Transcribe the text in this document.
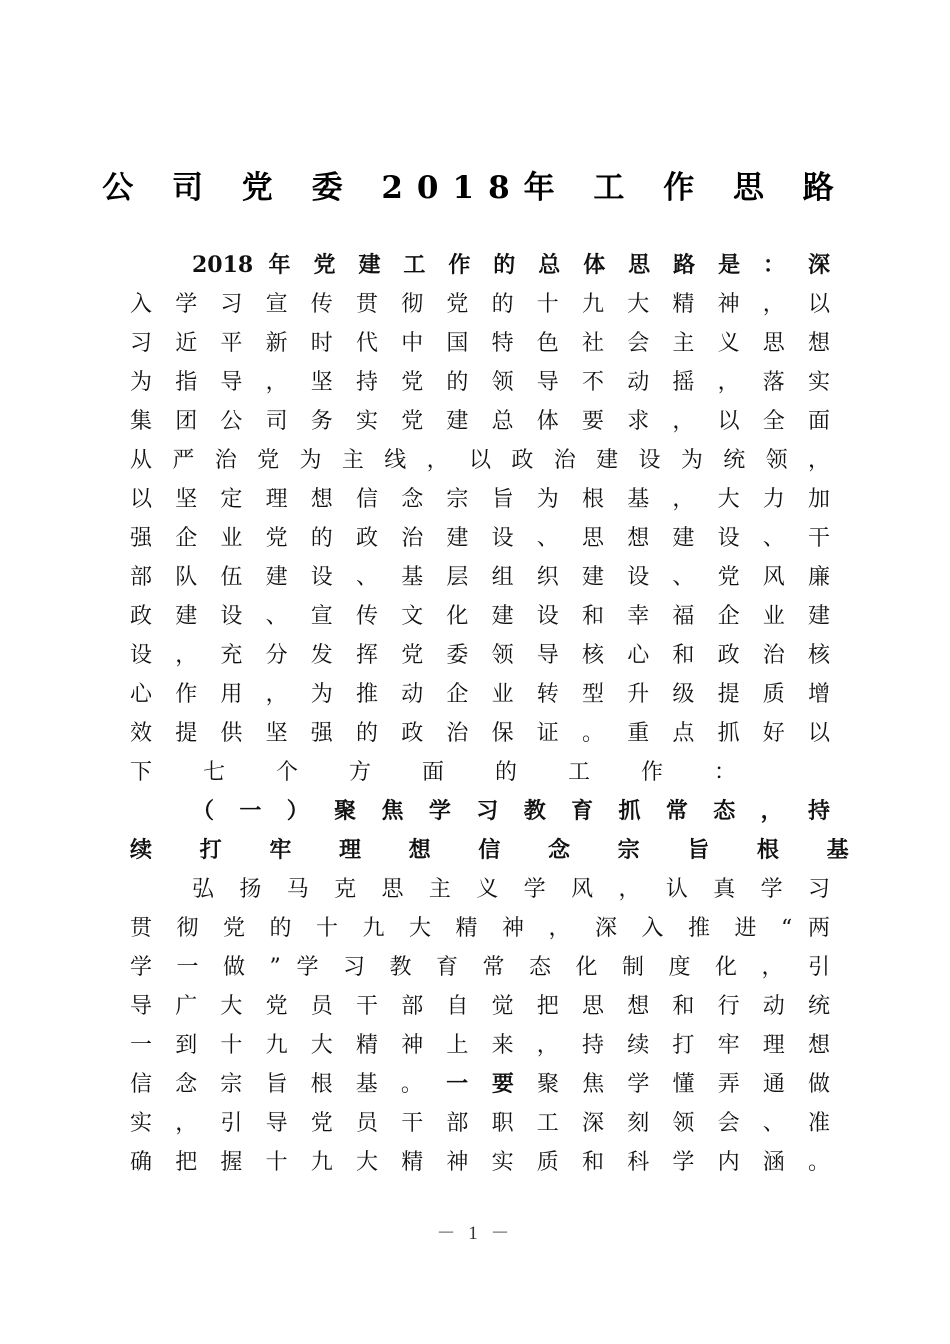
公 司 党 委 2018年 工 作 思 路
2018 年 党 建 工 作 的 总 体 思 路 是 ： 深
入 学 习 宣 传 贯 彻 党 的 十 九 大 精 神 ， 以
习 近 平 新 时 代 中 国 特 色 社 会 主 义 思 想
为 指 导 ， 坚 持 党 的 领 导 不 动 摇 ， 落 实
集 团 公 司 务 实 党 建 总 体 要 求 ， 以 全 面
从 严 治 党 为 主 线 ， 以 政 治 建 设 为 统 领 ，
以 坚 定 理 想 信 念 宗 旨 为 根 基 ， 大 力 加
强 企 业 党 的 政 治 建 设 、 思 想 建 设 、 干
部 队 伍 建 设 、 基 层 组 织 建 设 、 党 风 廉
政 建 设 、 宣 传 文 化 建 设 和 幸 福 企 业 建
设 ， 充 分 发 挥 党 委 领 导 核 心 和 政 治 核
心 作 用 ， 为 推 动 企 业 转 型 升 级 提 质 增
效 提 供 坚 强 的 政 治 保 证 。 重 点 抓 好 以
下 七 个 方 面 的 工 作 ：
（ 一 ） 聚 焦 学 习 教 育 抓 常 态 ， 持
续 打 牢 理 想 信 念 宗 旨 根 基
弘 扬 马 克 思 主 义 学 风 ， 认 真 学 习
贯 彻 党 的 十 九 大 精 神 ， 深 入 推 进 “ 两
学 一 做 ” 学 习 教 育 常 态 化 制 度 化 ， 引
导 广 大 党 员 干 部 自 觉 把 思 想 和 行 动 统
一 到 十 九 大 精 神 上 来 ， 持 续 打 牢 理 想
信 念 宗 旨 根 基 。 一 要 聚 焦 学 懂 弄 通 做
实 ， 引 导 党 员 干 部 职 工 深 刻 领 会 、 准
确 把 握 十 九 大 精 神 实 质 和 科 学 内 涵 。
－ 1 －
